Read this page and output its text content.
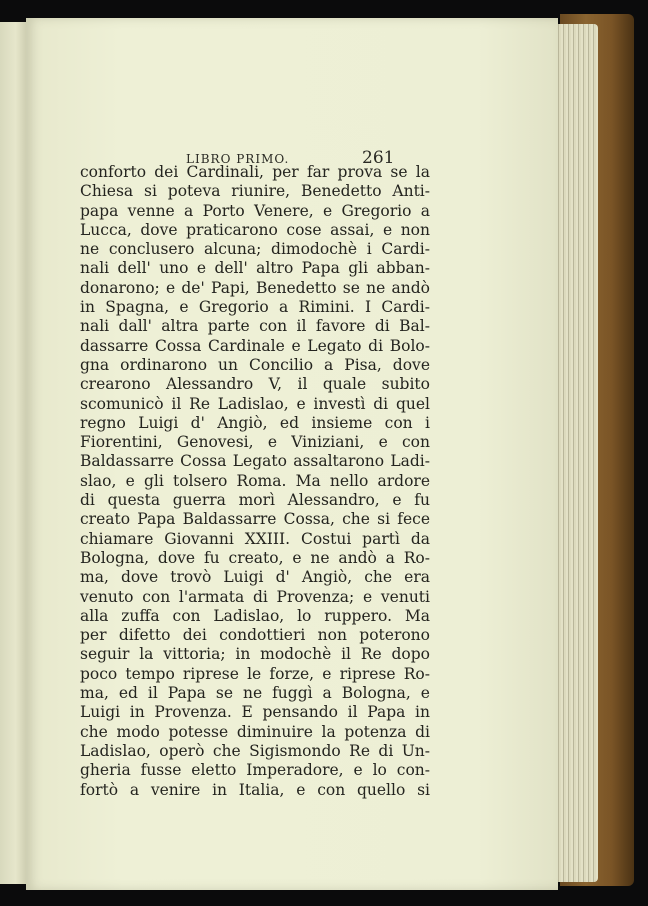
LIBRO PRIMO.	261
conforto dei Cardinali, per far prova se la
Chiesa si poteva riunire, Benedetto Anti-
papa venne a Porto Venere, e Gregorio a
Lucca, dove praticarono cose assai, e non
ne conclusero alcuna; dimodochè i Cardi-
nali dell' uno e dell' altro Papa gli abban-
donarono; e de' Papi, Benedetto se ne andò
in Spagna, e Gregorio a Rimini. I Cardi-
nali dall' altra parte con il favore di Bal-
dassarre Cossa Cardinale e Legato di Bolo-
gna ordinarono un Concilio a Pisa, dove
crearono Alessandro V, il quale subito
scomunicò il Re Ladislao, e investì di quel
regno Luigi d' Angiò, ed insieme con i
Fiorentini, Genovesi, e Viniziani, e con
Baldassarre Cossa Legato assaltarono Ladi-
slao, e gli tolsero Roma. Ma nello ardore
di questa guerra morì Alessandro, e fu
creato Papa Baldassarre Cossa, che si fece
chiamare Giovanni XXIII. Costui partì da
Bologna, dove fu creato, e ne andò a Ro-
ma, dove trovò Luigi d' Angiò, che era
venuto con l'armata di Provenza; e venuti
alla zuffa con Ladislao, lo ruppero. Ma
per difetto dei condottieri non poterono
seguir la vittoria; in modochè il Re dopo
poco tempo riprese le forze, e riprese Ro-
ma, ed il Papa se ne fuggì a Bologna, e
Luigi in Provenza. E pensando il Papa in
che modo potesse diminuire la potenza di
Ladislao, operò che Sigismondo Re di Un-
gheria fusse eletto Imperadore, e lo con-
fortò a venire in Italia, e con quello si
